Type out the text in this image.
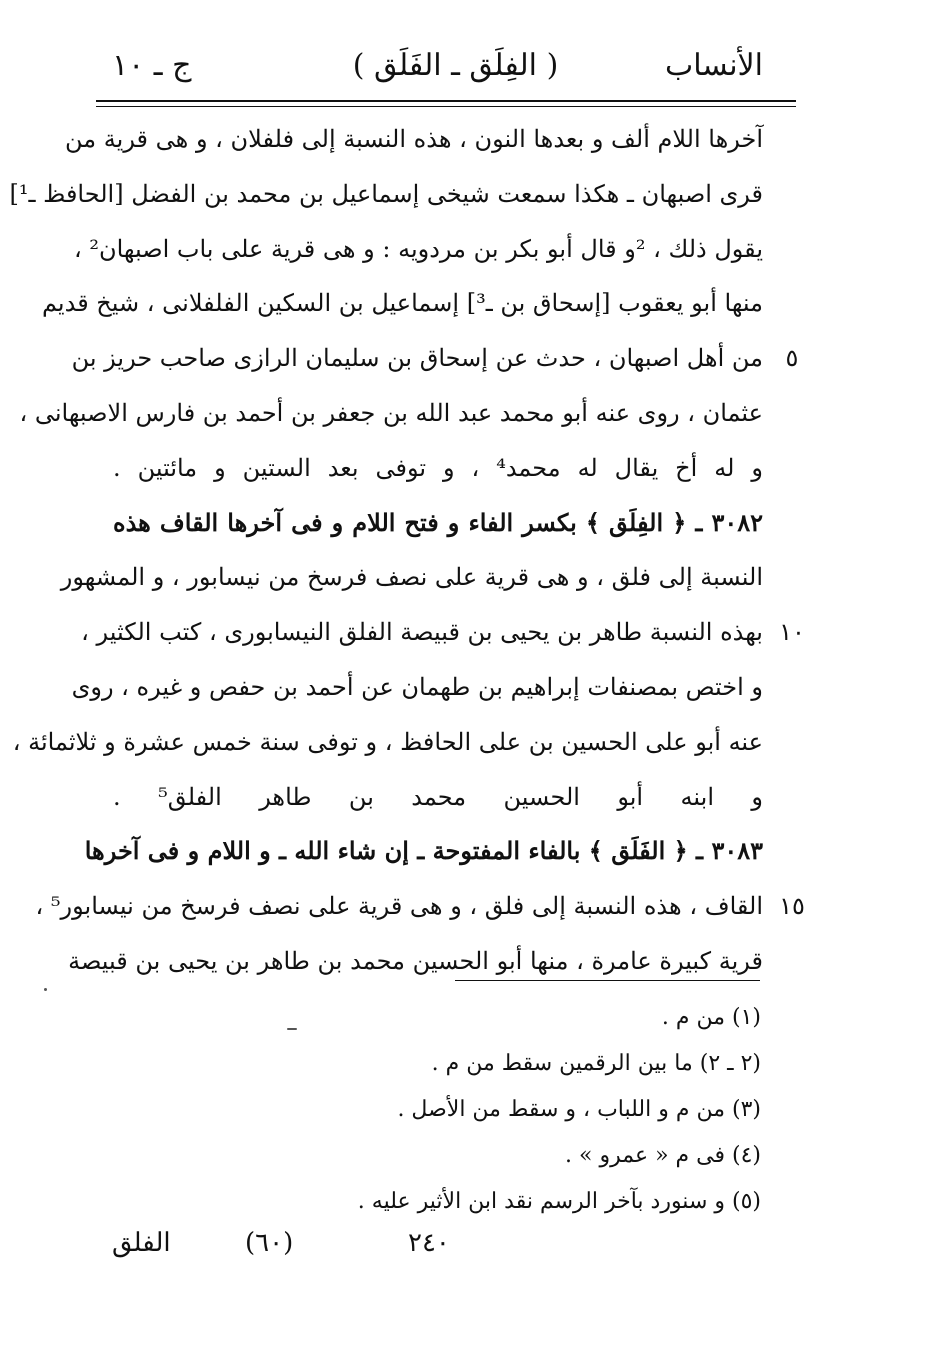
الأنساب
( الفِلَق ـ الفَلَق )
ج ـ ١٠
آخرها اللام ألف و بعدها النون ، هذه النسبة إلى فلفلان ، و هى قرية من
قرى اصبهان ـ هكذا سمعت شيخى إسماعيل بن محمد بن الفضل [الحافظ ـ¹]
يقول ذلك ، ²و قال أبو بكر بن مردويه : و هى قرية على باب اصبهان² ،
منها أبو يعقوب [إسحاق بن ـ³] إسماعيل بن السكين الفلفلانى ، شيخ قديم
٥
من أهل اصبهان ، حدث عن إسحاق بن سليمان الرازى صاحب حريز بن
عثمان ، روى عنه أبو محمد عبد الله بن جعفر بن أحمد بن فارس الاصبهانى ،
و له أخ يقال له محمد⁴ ، و توفى بعد الستين و مائتين .
٣٠٨٢ ـ ﴿ الفِلَق ﴾ بكسر الفاء و فتح اللام و فى آخرها القاف هذه
النسبة إلى فلق ، و هى قرية على نصف فرسخ من نيسابور ، و المشهور
١٠
بهذه النسبة طاهر بن يحيى بن قبيصة الفلق النيسابورى ، كتب الكثير ،
و اختص بمصنفات إبراهيم بن طهمان عن أحمد بن حفص و غيره ، روى
عنه أبو على الحسين بن على الحافظ ، و توفى سنة خمس عشرة و ثلاثمائة ،
و ابنه أبو الحسين محمد بن طاهر الفلق⁵ .
٣٠٨٣ ـ ﴿ الفَلَق ﴾ بالفاء المفتوحة ـ إن شاء الله ـ و اللام و فى آخرها
١٥
القاف ، هذه النسبة إلى فلق ، و هى قرية على نصف فرسخ من نيسابور⁵ ،
قرية كبيرة عامرة ، منها أبو الحسين محمد بن طاهر بن يحيى بن قبيصة
(١) من م .
(٢ ـ ٢) ما بين الرقمين سقط من م .
(٣) من م و اللباب ، و سقط من الأصل .
(٤) فى م « عمرو » .
(٥) و سنورد بآخر الرسم نقد ابن الأثير عليه .
٢٤٠
(٦٠)
الفلق
